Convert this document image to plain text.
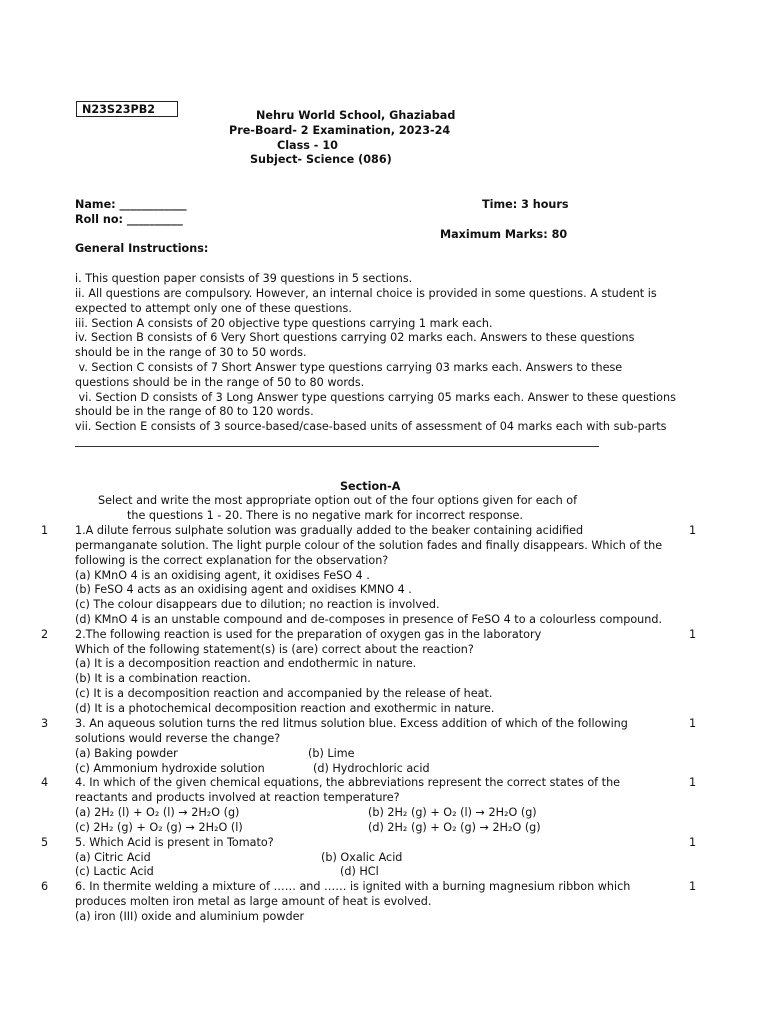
N23S23PB2	Nehru World School, Ghaziabad
Pre-Board- 2 Examination, 2023-24
Class - 10
Subject- Science (086)
Name: ____________
Roll no: __________
Time: 3 hours
Maximum Marks: 80
General Instructions:
i. This question paper consists of 39 questions in 5 sections.
ii. All questions are compulsory. However, an internal choice is provided in some questions. A student is
expected to attempt only one of these questions.
iii. Section A consists of 20 objective type questions carrying 1 mark each.
iv. Section B consists of 6 Very Short questions carrying 02 marks each. Answers to these questions
should be in the range of 30 to 50 words.
v. Section C consists of 7 Short Answer type questions carrying 03 marks each. Answers to these
questions should be in the range of 50 to 80 words.
vi. Section D consists of 3 Long Answer type questions carrying 05 marks each. Answer to these questions
should be in the range of 80 to 120 words.
vii. Section E consists of 3 source-based/case-based units of assessment of 04 marks each with sub-parts
Section-A
Select and write the most appropriate option out of the four options given for each of
the questions 1 - 20. There is no negative mark for incorrect response.
1	1
1.A dilute ferrous sulphate solution was gradually added to the beaker containing acidified
permanganate solution. The light purple colour of the solution fades and finally disappears. Which of the
following is the correct explanation for the observation?
(a) KMnO 4 is an oxidising agent, it oxidises FeSO 4 .
(b) FeSO 4 acts as an oxidising agent and oxidises KMNO 4 .
(c) The colour disappears due to dilution; no reaction is involved.
(d) KMnO 4 is an unstable compound and de-composes in presence of FeSO 4 to a colourless compound.
2	1
2.The following reaction is used for the preparation of oxygen gas in the laboratory
Which of the following statement(s) is (are) correct about the reaction?
(a) It is a decomposition reaction and endothermic in nature.
(b) It is a combination reaction.
(c) It is a decomposition reaction and accompanied by the release of heat.
(d) It is a photochemical decomposition reaction and exothermic in nature.
3	1
3. An aqueous solution turns the red litmus solution blue. Excess addition of which of the following
solutions would reverse the change?
(a) Baking powder	(b) Lime
(c) Ammonium hydroxide solution	(d) Hydrochloric acid
4	1
4. In which of the given chemical equations, the abbreviations represent the correct states of the
reactants and products involved at reaction temperature?
(a) 2H₂ (l) + O₂ (l) → 2H₂O (g)	(b) 2H₂ (g) + O₂ (l) → 2H₂O (g)
(c) 2H₂ (g) + O₂ (g) → 2H₂O (l)	(d) 2H₂ (g) + O₂ (g) → 2H₂O (g)
5	1
5. Which Acid is present in Tomato?
(a) Citric Acid	(b) Oxalic Acid
(c) Lactic Acid	(d) HCl
6	1
6. In thermite welding a mixture of …… and …… is ignited with a burning magnesium ribbon which
produces molten iron metal as large amount of heat is evolved.
(a) iron (III) oxide and aluminium powder
